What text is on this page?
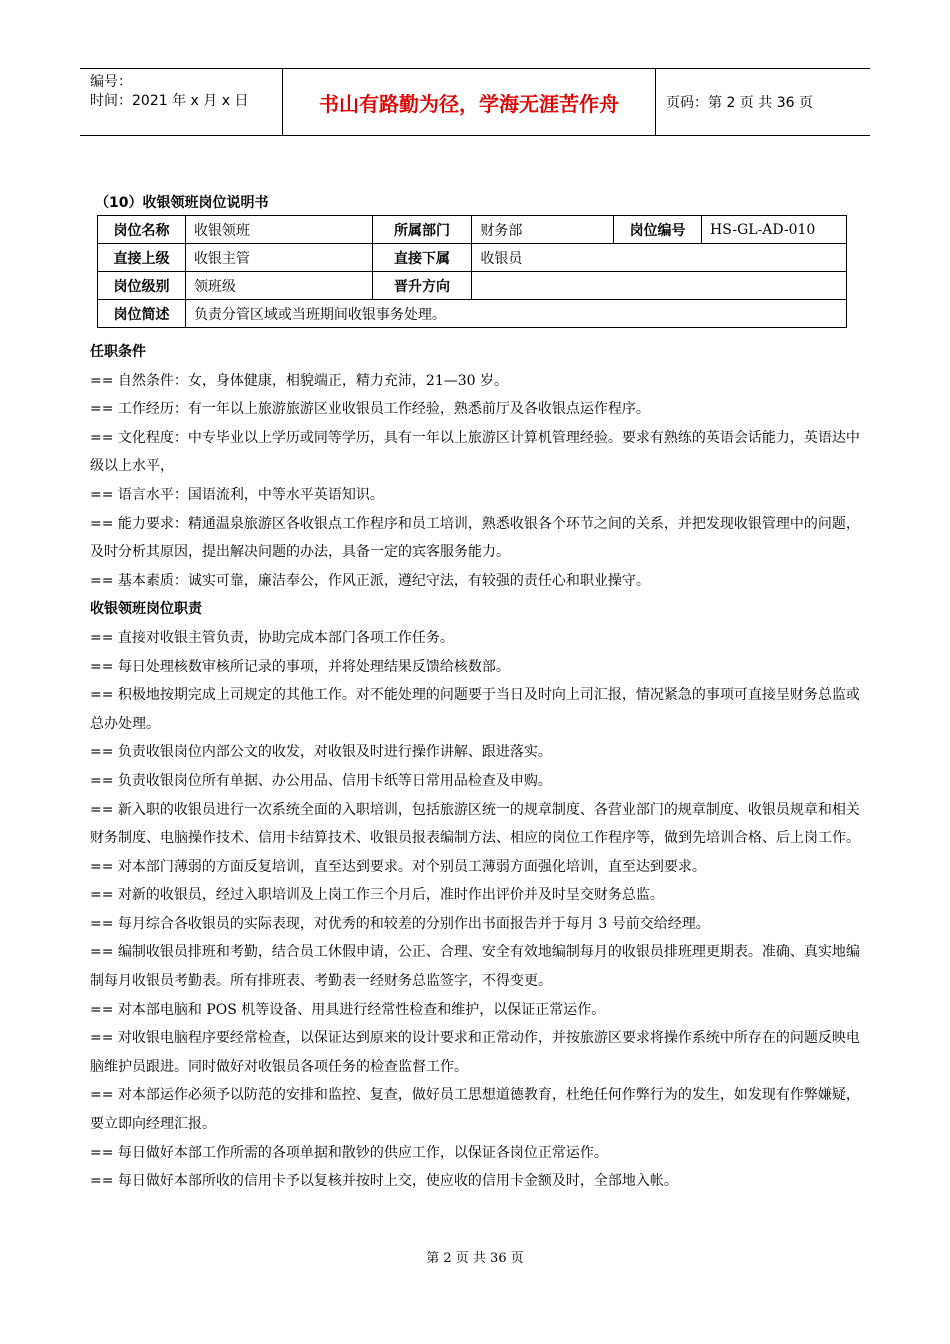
编号：
时间：2021 年 x 月 x 日	书山有路勤为径，学海无涯苦作舟	页码：第 2 页 共 36 页
（10）收银领班岗位说明书
岗位名称	收银领班	所属部门	财务部	岗位编号	HS-GL-AD-010
直接上级	收银主管	直接下属	收银员		
岗位级别	领班级	晋升方向			
岗位简述	负责分管区域或当班期间收银事务处理。				

任职条件

== 自然条件：女，身体健康，相貌端正，精力充沛，21—30 岁。

== 工作经历：有一年以上旅游旅游区业收银员工作经验，熟悉前厅及各收银点运作程序。

== 文化程度：中专毕业以上学历或同等学历，具有一年以上旅游区计算机管理经验。要求有熟练的英语会话能力，英语达中级以上水平，

== 语言水平：国语流利，中等水平英语知识。

== 能力要求：精通温泉旅游区各收银点工作程序和员工培训，熟悉收银各个环节之间的关系，并把发现收银管理中的问题，及时分析其原因，提出解决问题的办法，具备一定的宾客服务能力。

== 基本素质：诚实可靠，廉洁奉公，作风正派，遵纪守法，有较强的责任心和职业操守。

收银领班岗位职责

== 直接对收银主管负责，协助完成本部门各项工作任务。

== 每日处理核数审核所记录的事项，并将处理结果反馈给核数部。

== 积极地按期完成上司规定的其他工作。对不能处理的问题要于当日及时向上司汇报，情况紧急的事项可直接呈财务总监或总办处理。

== 负责收银岗位内部公文的收发，对收银及时进行操作讲解、跟进落实。

== 负责收银岗位所有单据、办公用品、信用卡纸等日常用品检查及申购。

== 新入职的收银员进行一次系统全面的入职培训，包括旅游区统一的规章制度、各营业部门的规章制度、收银员规章和相关财务制度、电脑操作技术、信用卡结算技术、收银员报表编制方法、相应的岗位工作程序等，做到先培训合格、后上岗工作。

== 对本部门薄弱的方面反复培训，直至达到要求。对个别员工薄弱方面强化培训，直至达到要求。

== 对新的收银员，经过入职培训及上岗工作三个月后，准时作出评价并及时呈交财务总监。

== 每月综合各收银员的实际表现，对优秀的和较差的分别作出书面报告并于每月 3 号前交给经理。

== 编制收银员排班和考勤，结合员工休假申请，公正、合理、安全有效地编制每月的收银员排班理更期表。准确、真实地编制每月收银员考勤表。所有排班表、考勤表一经财务总监签字，不得变更。

== 对本部电脑和 POS 机等设备、用具进行经常性检查和维护，以保证正常运作。

== 对收银电脑程序要经常检查，以保证达到原来的设计要求和正常动作，并按旅游区要求将操作系统中所存在的问题反映电脑维护员跟进。同时做好对收银员各项任务的检查监督工作。

== 对本部运作必须予以防范的安排和监控、复查，做好员工思想道德教育，杜绝任何作弊行为的发生，如发现有作弊嫌疑，要立即向经理汇报。

== 每日做好本部工作所需的各项单据和散钞的供应工作，以保证各岗位正常运作。

== 每日做好本部所收的信用卡予以复核并按时上交，使应收的信用卡金额及时，全部地入帐。

第 2 页 共 36 页
